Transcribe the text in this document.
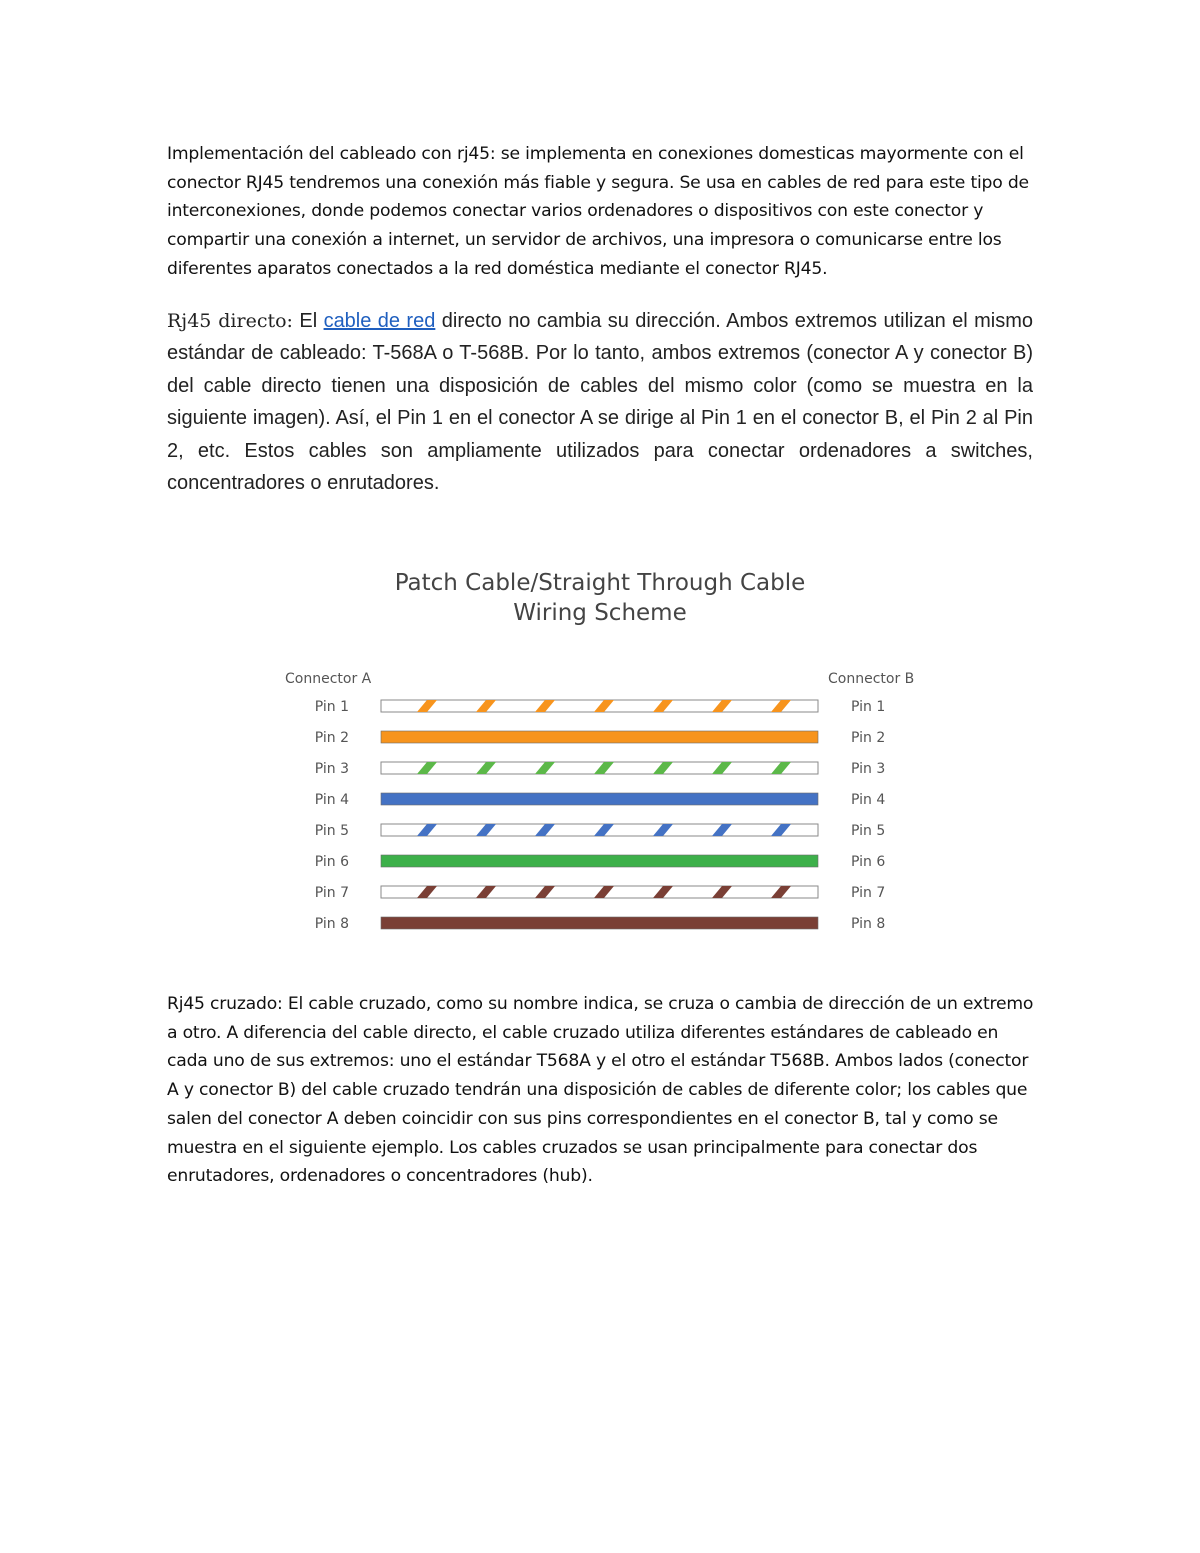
Implementación del cableado con rj45: se implementa en conexiones domesticas mayormente con el conector RJ45 tendremos una conexión más fiable y segura. Se usa en cables de red para este tipo de interconexiones, donde podemos conectar varios ordenadores o dispositivos con este conector y compartir una conexión a internet, un servidor de archivos, una impresora o comunicarse entre los diferentes aparatos conectados a la red doméstica mediante el conector RJ45.

Rj45 directo: El cable de red directo no cambia su dirección. Ambos extremos utilizan el mismo estándar de cableado: T-568A o T-568B. Por lo tanto, ambos extremos (conector A y conector B) del cable directo tienen una disposición de cables del mismo color (como se muestra en la siguiente imagen). Así, el Pin 1 en el conector A se dirige al Pin 1 en el conector B, el Pin 2 al Pin 2, etc. Estos cables son ampliamente utilizados para conectar ordenadores a switches, concentradores o enrutadores.

Patch Cable/Straight Through Cable
Wiring Scheme
Connector A	Connector B
Pin 1	Pin 1
Pin 2	Pin 2
Pin 3	Pin 3
Pin 4	Pin 4
Pin 5	Pin 5
Pin 6	Pin 6
Pin 7	Pin 7
Pin 8	Pin 8

Rj45 cruzado: El cable cruzado, como su nombre indica, se cruza o cambia de dirección de un extremo a otro. A diferencia del cable directo, el cable cruzado utiliza diferentes estándares de cableado en cada uno de sus extremos: uno el estándar T568A y el otro el estándar T568B. Ambos lados (conector A y conector B) del cable cruzado tendrán una disposición de cables de diferente color; los cables que salen del conector A deben coincidir con sus pins correspondientes en el conector B, tal y como se muestra en el siguiente ejemplo. Los cables cruzados se usan principalmente para conectar dos enrutadores, ordenadores o concentradores (hub).
